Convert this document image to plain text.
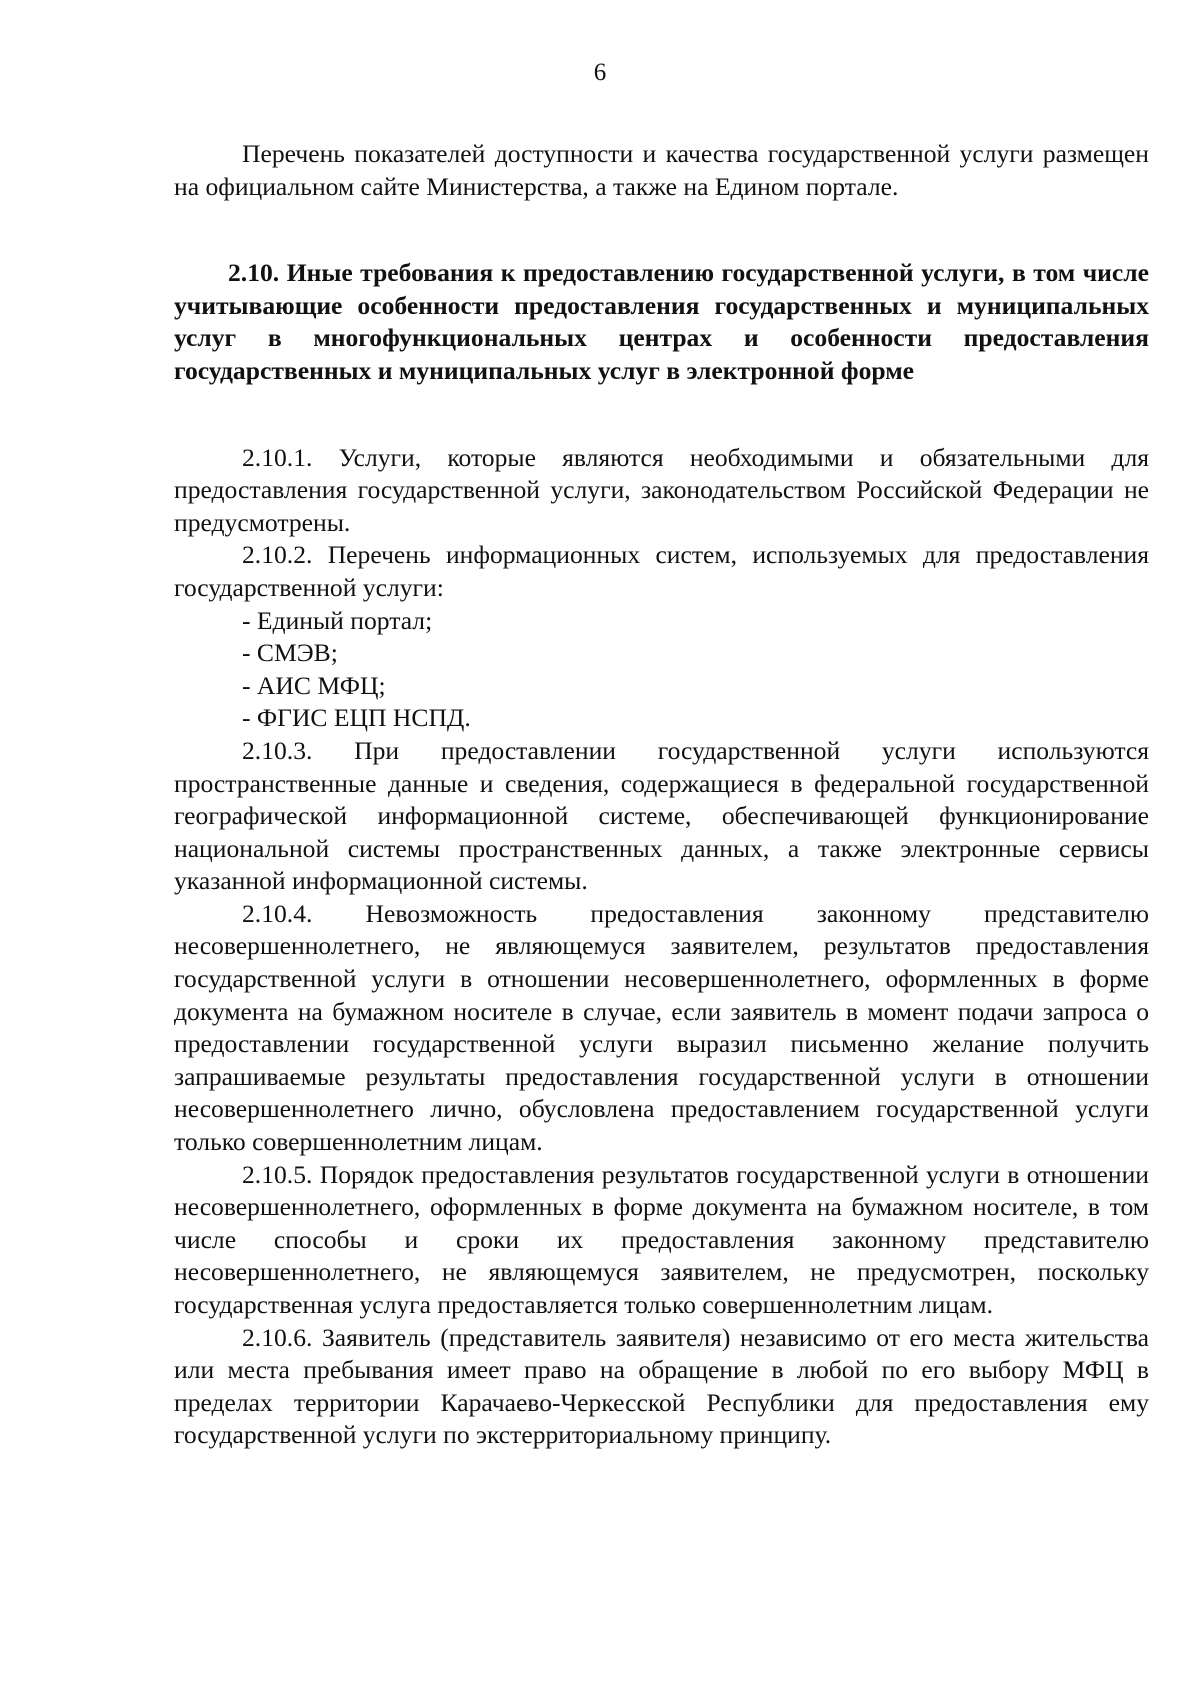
6

Перечень показателей доступности и качества государственной услуги размещен на официальном сайте Министерства, а также на Едином портале.

2.10. Иные требования к предоставлению государственной услуги, в том числе учитывающие особенности предоставления государственных и муниципальных услуг в многофункциональных центрах и особенности предоставления государственных и муниципальных услуг в электронной форме

2.10.1. Услуги, которые являются необходимыми и обязательными для предоставления государственной услуги, законодательством Российской Федерации не предусмотрены.

2.10.2. Перечень информационных систем, используемых для предоставления государственной услуги:

- Единый портал;
- СМЭВ;
- АИС МФЦ;
- ФГИС ЕЦП НСПД.

2.10.3. При предоставлении государственной услуги используются пространственные данные и сведения, содержащиеся в федеральной государственной географической информационной системе, обеспечивающей функционирование национальной системы пространственных данных, а также электронные сервисы указанной информационной системы.

2.10.4. Невозможность предоставления законному представителю несовершеннолетнего, не являющемуся заявителем, результатов предоставления государственной услуги в отношении несовершеннолетнего, оформленных в форме документа на бумажном носителе в случае, если заявитель в момент подачи запроса о предоставлении государственной услуги выразил письменно желание получить запрашиваемые результаты предоставления государственной услуги в отношении несовершеннолетнего лично, обусловлена предоставлением государственной услуги только совершеннолетним лицам.

2.10.5. Порядок предоставления результатов государственной услуги в отношении несовершеннолетнего, оформленных в форме документа на бумажном носителе, в том числе способы и сроки их предоставления законному представителю несовершеннолетнего, не являющемуся заявителем, не предусмотрен, поскольку государственная услуга предоставляется только совершеннолетним лицам.

2.10.6. Заявитель (представитель заявителя) независимо от его места жительства или места пребывания имеет право на обращение в любой по его выбору МФЦ в пределах территории Карачаево-Черкесской Республики для предоставления ему государственной услуги по экстерриториальному принципу.
